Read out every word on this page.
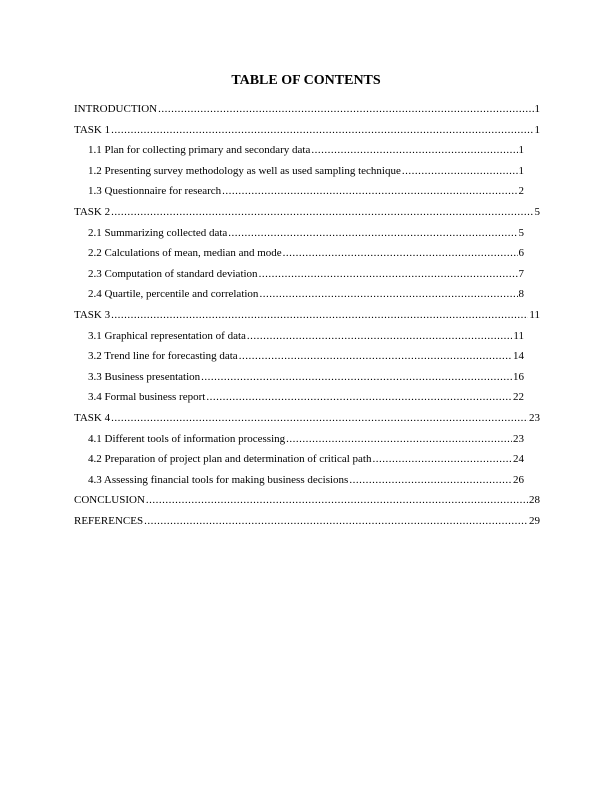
TABLE OF CONTENTS
INTRODUCTION .....	1
TASK 1 .....	1
1.1 Plan for collecting primary and secondary data .....	1
1.2 Presenting survey methodology as well as used sampling technique .....	1
1.3 Questionnaire for research .....	2
TASK 2 .....	5
2.1 Summarizing collected data .....	5
2.2 Calculations of mean, median and mode .....	6
2.3 Computation of standard deviation .....	7
2.4 Quartile, percentile and correlation .....	8
TASK 3 .....	11
3.1 Graphical representation of data .....	11
3.2 Trend line for forecasting data .....	14
3.3 Business presentation .....	16
3.4 Formal business report .....	22
TASK 4 .....	23
4.1 Different tools of information processing .....	23
4.2 Preparation of project plan and determination of critical path .....	24
4.3 Assessing financial tools for making business decisions .....	26
CONCLUSION .....	28
REFERENCES .....	29
